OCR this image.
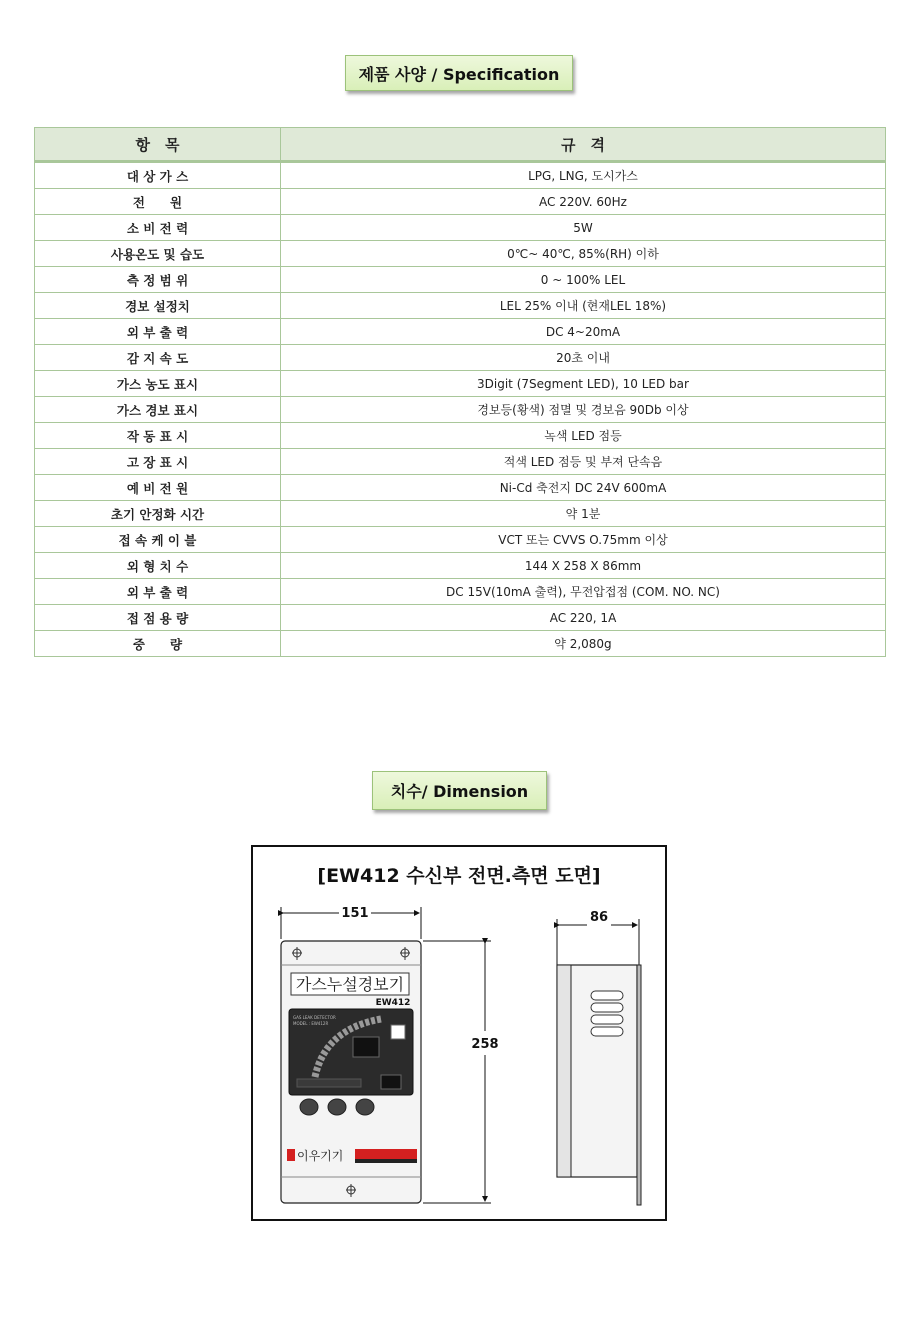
제품 사양 / Specification
항　목	규　격
대 상 가 스	LPG, LNG, 도시가스
전　　원	AC 220V. 60Hz
소 비 전 력	5W
사용온도 및 습도	0℃~ 40℃, 85%(RH) 이하
측 정 범 위	0 ~ 100% LEL
경보 설정치	LEL 25% 이내 (현재LEL 18%)
외 부 출 력	DC 4~20mA
감 지 속 도	20초 이내
가스 농도 표시	3Digit (7Segment LED), 10 LED bar
가스 경보 표시	경보등(황색) 점멸 및 경보음 90Db 이상
작 동 표 시	녹색 LED 점등
고 장 표 시	적색 LED 점등 및 부져 단속음
예 비 전 원	Ni-Cd 축전지 DC 24V 600mA
초기 안정화 시간	약 1분
접 속 케 이 블	VCT 또는 CVVS O.75mm 이상
외 형 치 수	144 X 258 X 86mm
외 부 출 력	DC 15V(10mA 출력), 무전압접점 (COM. NO. NC)
접 점 용 량	AC 220, 1A
중　　량	약 2,080g
치수/ Dimension
[EW412 수신부 전면.측면 도면]
151
가스누설경보기
EW412
GAS LEAK DETECTOR
MODEL : EW412R
이우기기
258
86
